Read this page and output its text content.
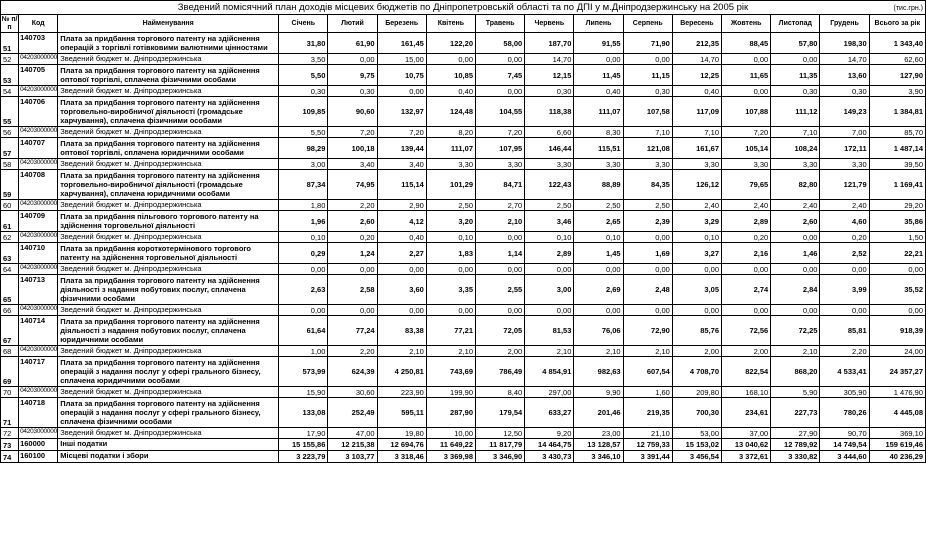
Зведений помісячний план доходів місцевих бюджетів по Дніпропетровській області та по ДПІ у м.Дніпродзержинську на 2005 рік	(тис.грн.)
№ п/п	Код	Найменування	Січень	Лютий	Березень	Квітень	Травень	Червень	Липень	Серпень	Вересень	Жовтень	Листопад	Грудень	Всього за рік
51	140703	Плата за придбання торгового патенту на здійснення операцій з торгівлі готівковими валютними цінностями	31,80	61,90	161,45	122,20	58,00	187,70	91,55	71,90	212,35	88,45	57,80	198,30	1 343,40
52	04203000000	Зведений бюджет м. Дніпродзержинська	3,50	0,00	15,00	0,00	0,00	14,70	0,00	0,00	14,70	0,00	0,00	14,70	62,60
53	140705	Плата за придбання торгового патенту на здійснення оптової торгівлі, сплачена фізичними особами	5,50	9,75	10,75	10,85	7,45	12,15	11,45	11,15	12,25	11,65	11,35	13,60	127,90
54	04203000000	Зведений бюджет м. Дніпродзержинська	0,30	0,30	0,00	0,40	0,00	0,30	0,40	0,30	0,40	0,00	0,30	0,30	3,90
55	140706	Плата за придбання торгового патенту на здійснення торговельно-виробничої діяльності (громадське харчування), сплачена фізичними особами	109,85	90,60	132,97	124,48	104,55	118,38	111,07	107,58	117,09	107,88	111,12	149,23	1 384,81
56	04203000000	Зведений бюджет м. Дніпродзержинська	5,50	7,20	7,20	8,20	7,20	6,60	8,30	7,10	7,10	7,20	7,10	7,00	85,70
57	140707	Плата за придбання торгового патенту на здійснення оптової торгівлі, сплачена юридичними особами	98,29	100,18	139,44	111,07	107,95	146,44	115,51	121,08	161,67	105,14	108,24	172,11	1 487,14
58	04203000000	Зведений бюджет м. Дніпродзержинська	3,00	3,40	3,40	3,30	3,30	3,30	3,30	3,30	3,30	3,30	3,30	3,30	39,50
59	140708	Плата за придбання торгового патенту на здійснення торговельно-виробничої діяльності (громадське харчування), сплачена юридичними особами	87,34	74,95	115,14	101,29	84,71	122,43	88,89	84,35	126,12	79,65	82,80	121,79	1 169,41
60	04203000000	Зведений бюджет м. Дніпродзержинська	1,80	2,20	2,90	2,50	2,70	2,50	2,50	2,50	2,40	2,40	2,40	2,40	29,20
61	140709	Плата за придбання пільгового торгового патенту на здійснення торговельної діяльності	1,96	2,60	4,12	3,20	2,10	3,46	2,65	2,39	3,29	2,89	2,60	4,60	35,86
62	04203000000	Зведений бюджет м. Дніпродзержинська	0,10	0,20	0,40	0,10	0,00	0,10	0,10	0,00	0,10	0,20	0,00	0,20	1,50
63	140710	Плата за придбання короткотермінового торгового патенту на здійснення торговельної діяльності	0,29	1,24	2,27	1,83	1,14	2,89	1,45	1,69	3,27	2,16	1,46	2,52	22,21
64	04203000000	Зведений бюджет м. Дніпродзержинська	0,00	0,00	0,00	0,00	0,00	0,00	0,00	0,00	0,00	0,00	0,00	0,00	0,00
65	140713	Плата за придбання торгового патенту на здійснення діяльності з надання побутових послуг, сплачена фізичними особами	2,63	2,58	3,60	3,35	2,55	3,00	2,69	2,48	3,05	2,74	2,84	3,99	35,52
66	04203000000	Зведений бюджет м. Дніпродзержинська	0,00	0,00	0,00	0,00	0,00	0,00	0,00	0,00	0,00	0,00	0,00	0,00	0,00
67	140714	Плата за придбання торгового патенту на здійснення діяльності з надання побутових послуг, сплачена юридичними особами	61,64	77,24	83,38	77,21	72,05	81,53	76,06	72,90	85,76	72,56	72,25	85,81	918,39
68	04203000000	Зведений бюджет м. Дніпродзержинська	1,00	2,20	2,10	2,10	2,00	2,10	2,10	2,10	2,00	2,00	2,10	2,20	24,00
69	140717	Плата за придбання торгового патенту на здійснення операцій з надання послуг у сфері грального бізнесу, сплачена юридичними особами	573,99	624,39	4 250,81	743,69	786,49	4 854,91	982,63	607,54	4 708,70	822,54	868,20	4 533,41	24 357,27
70	04203000000	Зведений бюджет м. Дніпродзержинська	15,90	30,60	223,90	199,90	8,40	297,00	9,90	1,60	209,80	168,10	5,90	305,90	1 476,90
71	140718	Плата за придбання торгового патенту на здійснення операцій з надання послуг у сфері грального бізнесу, сплачена фізичними особами	133,08	252,49	595,11	287,90	179,54	633,27	201,46	219,35	700,30	234,61	227,73	780,26	4 445,08
72	04203000000	Зведений бюджет м. Дніпродзержинська	17,90	47,00	19,80	10,00	12,50	9,20	23,00	21,10	53,00	37,00	27,90	90,70	369,10
73	160000	Інші податки	15 155,86	12 215,38	12 694,76	11 649,22	11 817,79	14 464,75	13 128,57	12 759,33	15 153,02	13 040,62	12 789,92	14 749,54	159 619,46
74	160100	Місцеві податки і збори	3 223,79	3 103,77	3 318,46	3 369,98	3 346,90	3 430,73	3 346,10	3 391,44	3 456,54	3 372,61	3 330,82	3 444,60	40 236,29
